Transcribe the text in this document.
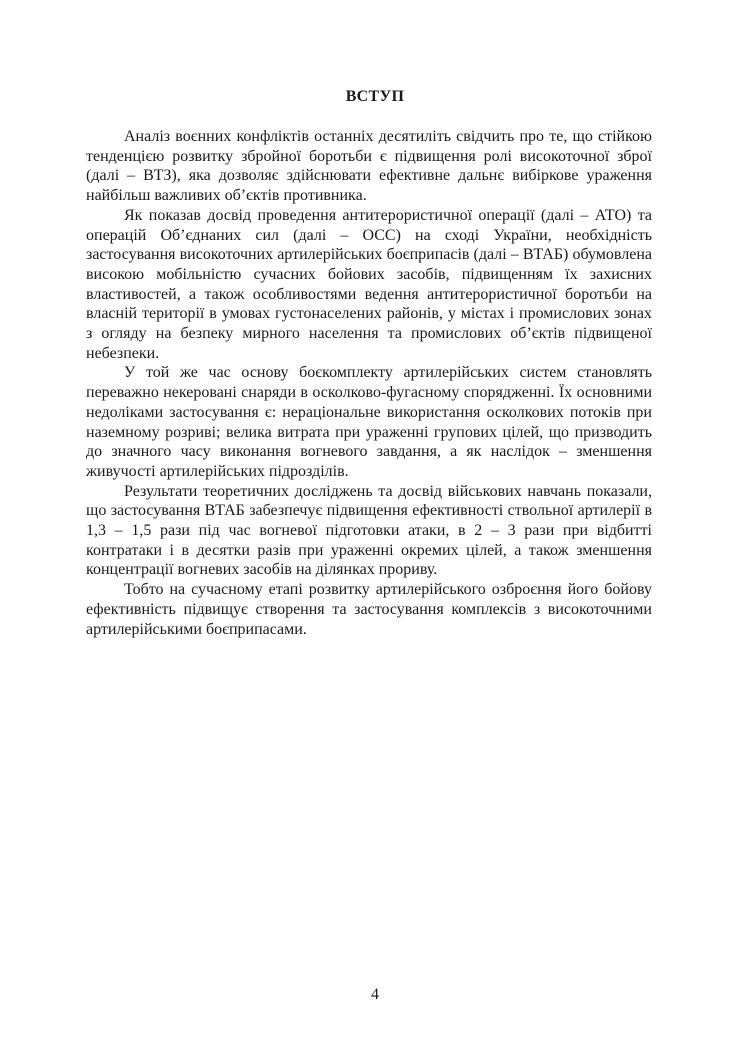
ВСТУП

Аналіз воєнних конфліктів останніх десятиліть свідчить про те, що стійкою тенденцією розвитку збройної боротьби є підвищення ролі високоточної зброї (далі – ВТЗ), яка дозволяє здійснювати ефективне дальнє вибіркове ураження найбільш важливих об’єктів противника.

Як показав досвід проведення антитерористичної операції (далі – АТО) та операцій Об’єднаних сил (далі – ОСС) на сході України, необхідність застосування високоточних артилерійських боєприпасів (далі – ВТАБ) обумовлена високою мобільністю сучасних бойових засобів, підвищенням їх захисних властивостей, а також особливостями ведення антитерористичної боротьби на власній території в умовах густонаселених районів, у містах і промислових зонах з огляду на безпеку мирного населення та промислових об’єктів підвищеної небезпеки.

У той же час основу боєкомплекту артилерійських систем становлять переважно некеровані снаряди в осколково-фугасному спорядженні. Їх основними недоліками застосування є: нераціональне використання осколкових потоків при наземному розриві; велика витрата при ураженні групових цілей, що призводить до значного часу виконання вогневого завдання, а як наслідок – зменшення живучості артилерійських підрозділів.

Результати теоретичних досліджень та досвід військових навчань показали, що застосування ВТАБ забезпечує підвищення ефективності ствольної артилерії в 1,3 – 1,5 рази під час вогневої підготовки атаки, в 2 – 3 рази при відбитті контратаки і в десятки разів при ураженні окремих цілей, а також зменшення концентрації вогневих засобів на ділянках прориву.

Тобто на сучасному етапі розвитку артилерійського озброєння його бойову ефективність підвищує створення та застосування комплексів з високоточними артилерійськими боєприпасами.

4
